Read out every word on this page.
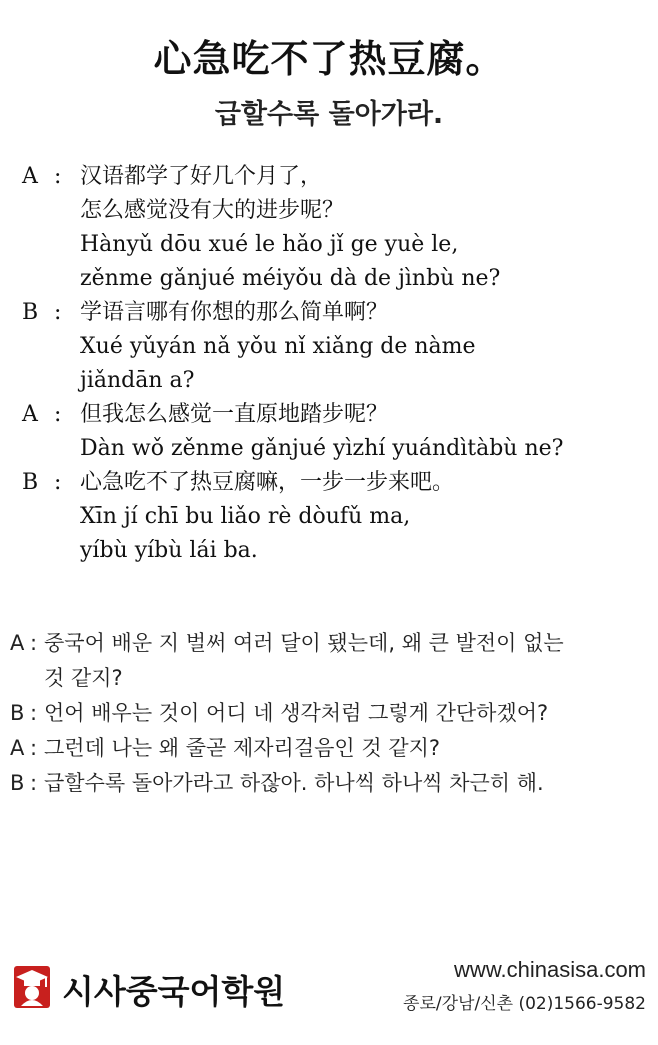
心急吃不了热豆腐。
급할수록 돌아가라.
A : 汉语都学了好几个月了，
怎么感觉没有大的进步呢？
Hànyǔ dōu xué le hǎo jǐ ge yuè le,
zěnme gǎnjué méiyǒu dà de jìnbù ne?
B : 学语言哪有你想的那么简单啊？
Xué yǔyán nǎ yǒu nǐ xiǎng de nàme
jiǎndān a?
A : 但我怎么感觉一直原地踏步呢？
Dàn wǒ zěnme gǎnjué yìzhí yuándìtàbù ne?
B : 心急吃不了热豆腐嘛，一步一步来吧。
Xīn jí chī bu liǎo rè dòufǔ ma,
yíbù yíbù lái ba.
A : 중국어 배운 지 벌써 여러 달이 됐는데, 왜 큰 발전이 없는
것 같지?
B : 언어 배우는 것이 어디 네 생각처럼 그렇게 간단하겠어?
A : 그런데 나는 왜 줄곧 제자리걸음인 것 같지?
B : 급할수록 돌아가라고 하잖아. 하나씩 하나씩 차근히 해.
시사중국어학원
www.chinasisa.com
종로/강남/신촌 (02)1566-9582
